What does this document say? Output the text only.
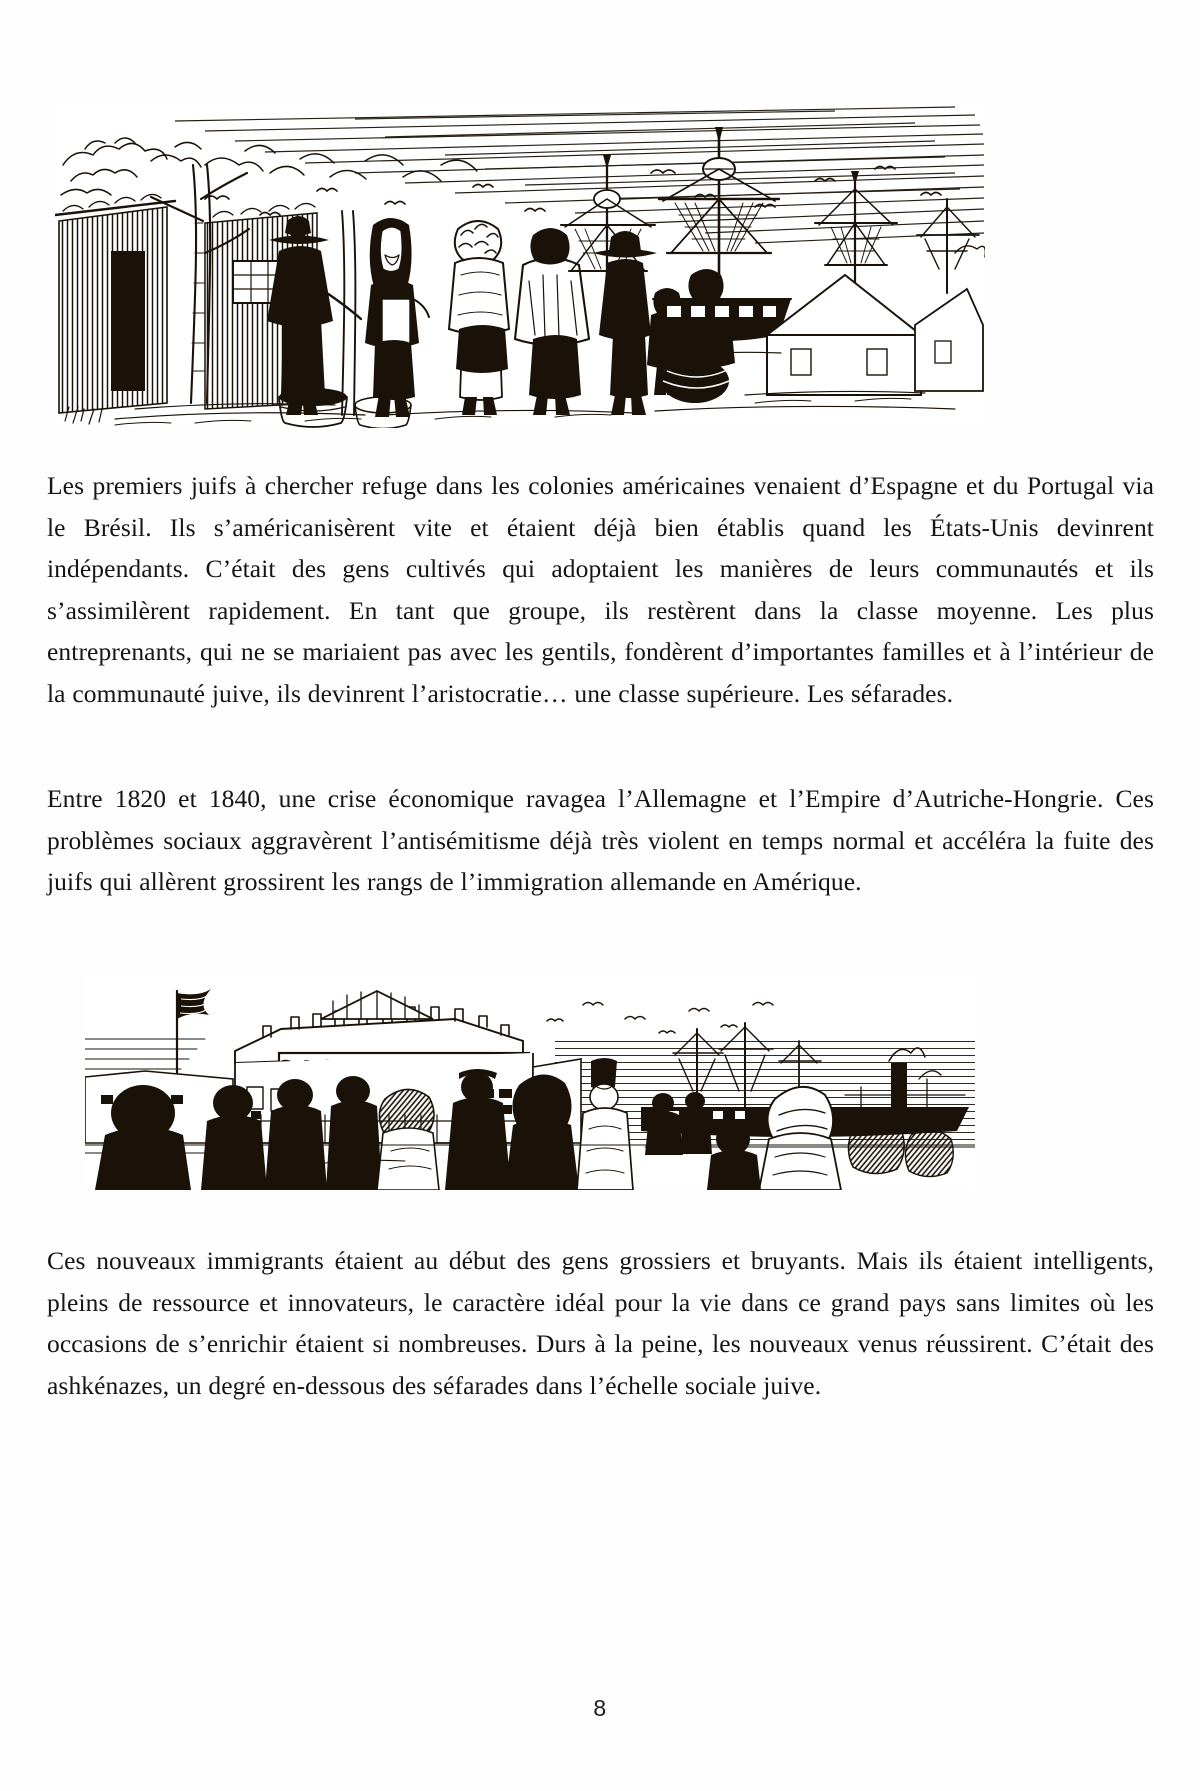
Les premiers juifs à chercher refuge dans les colonies américaines venaient d’Espagne et du Portugal via le Brésil. Ils s’américanisèrent vite et étaient déjà bien établis quand les États-Unis devinrent indépendants. C’était des gens cultivés qui adoptaient les manières de leurs communautés et ils s’assimilèrent rapidement. En tant que groupe, ils restèrent dans la classe moyenne. Les plus entreprenants, qui ne se mariaient pas avec les gentils, fondèrent d’importantes familles et à l’intérieur de la communauté juive, ils devinrent l’aristocratie… une classe supérieure. Les séfarades.

Entre 1820 et 1840, une crise économique ravagea l’Allemagne et l’Empire d’Autriche-Hongrie. Ces problèmes sociaux aggravèrent l’antisémitisme déjà très violent en temps normal et accéléra la fuite des juifs qui allèrent grossirent les rangs de l’immigration allemande en Amérique.

Ces nouveaux immigrants étaient au début des gens grossiers et bruyants. Mais ils étaient intelligents, pleins de ressource et innovateurs, le caractère idéal pour la vie dans ce grand pays sans limites où les occasions de s’enrichir étaient si nombreuses. Durs à la peine, les nouveaux venus réussirent. C’était des ashkénazes, un degré en-dessous des séfarades dans l’échelle sociale juive.

8
